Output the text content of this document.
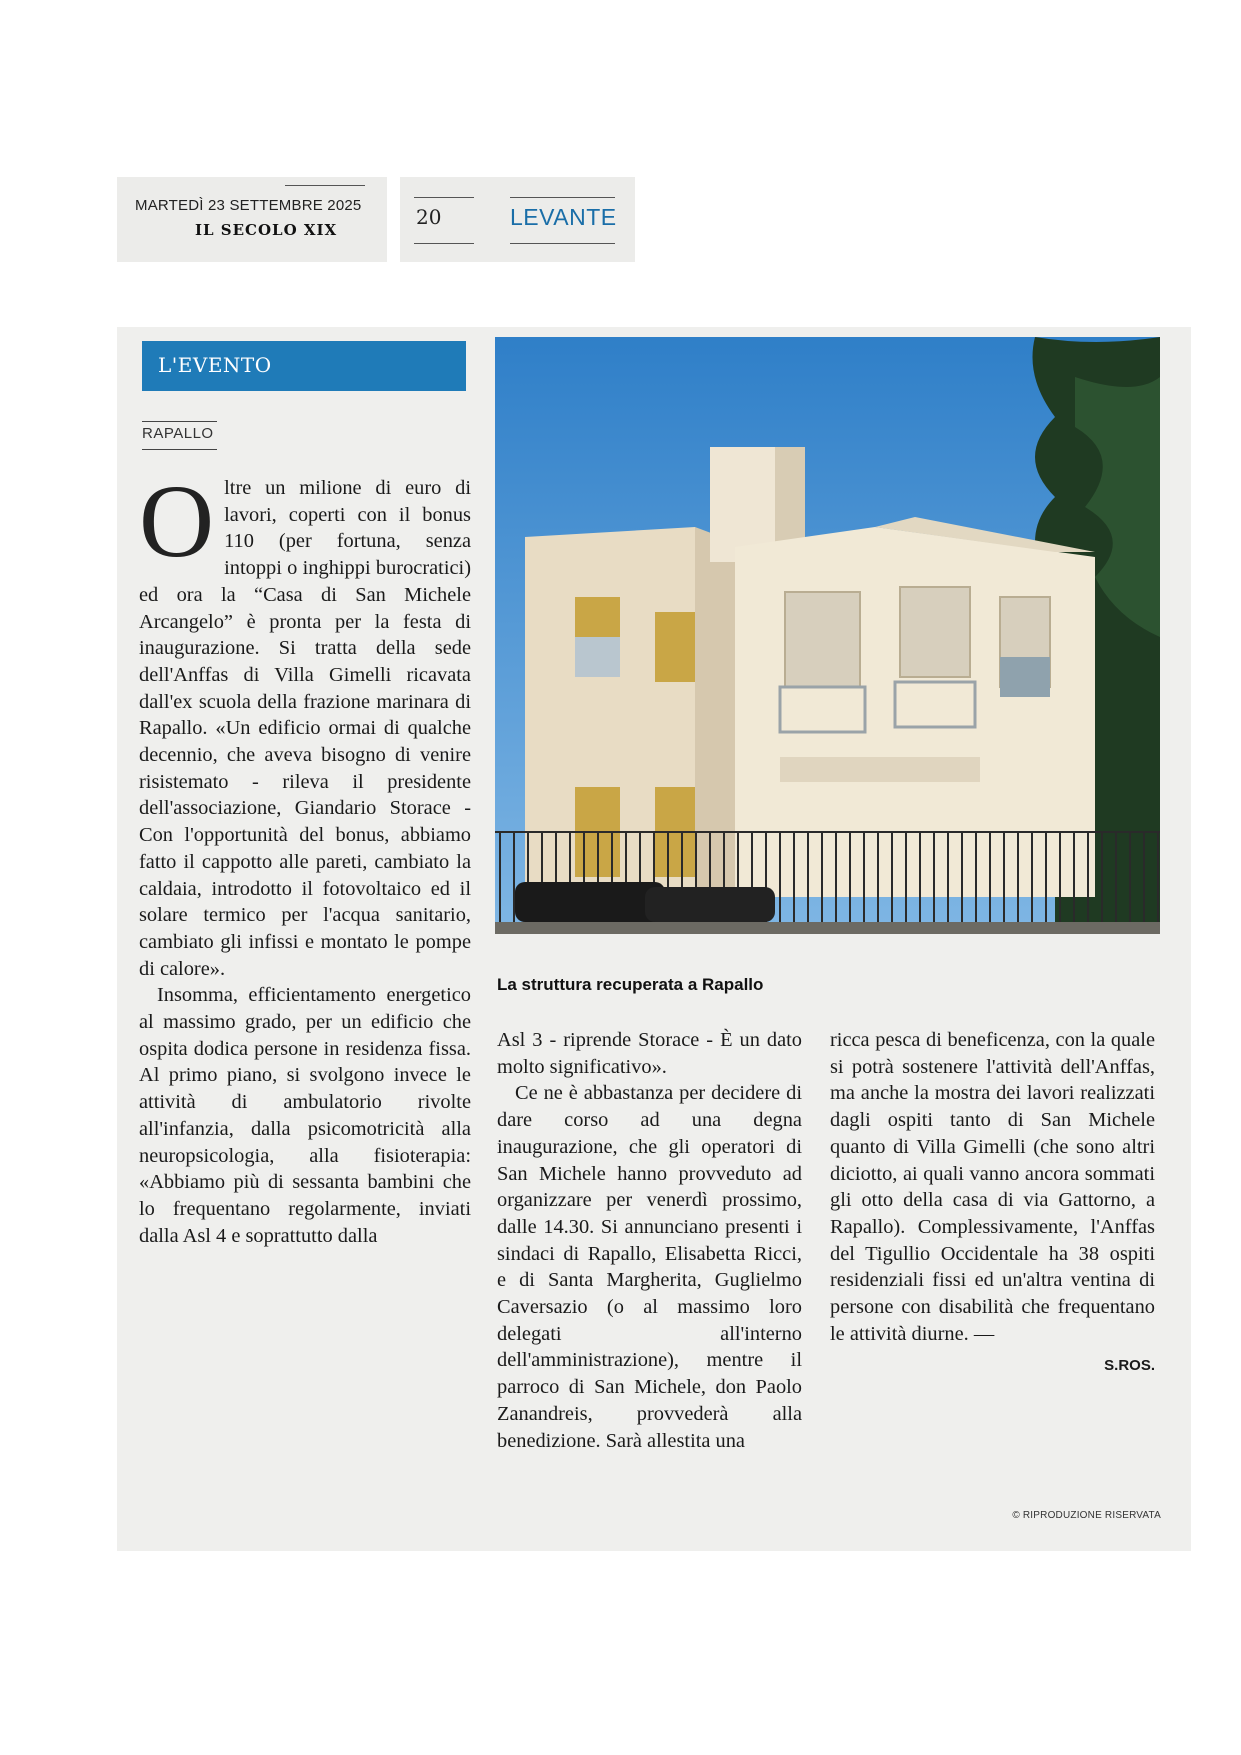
MARTEDÌ 23 SETTEMBRE 2025
IL SECOLO XIX
20	LEVANTE
L'EVENTO
RAPALLO

Oltre un milione di euro di lavori, coperti con il bonus 110 (per fortuna, senza intoppi o inghippi burocratici) ed ora la “Casa di San Michele Arcangelo” è pronta per la festa di inaugurazione. Si tratta della sede dell'Anffas di Villa Gimelli ricavata dall'ex scuola della frazione marinara di Rapallo. «Un edificio ormai di qualche decennio, che aveva bisogno di venire risistemato - rileva il presidente dell'associazione, Giandario Storace - Con l'opportunità del bonus, abbiamo fatto il cappotto alle pareti, cambiato la caldaia, introdotto il fotovoltaico ed il solare termico per l'acqua sanitario, cambiato gli infissi e montato le pompe di calore».

Insomma, efficientamento energetico al massimo grado, per un edificio che ospita dodica persone in residenza fissa. Al primo piano, si svolgono invece le attività di ambulatorio rivolte all'infanzia, dalla psicomotricità alla neuropsicologia, alla fisioterapia: «Abbiamo più di sessanta bambini che lo frequentano regolarmente, inviati dalla Asl 4 e soprattutto dalla

La struttura recuperata a Rapallo

Asl 3 - riprende Storace - È un dato molto significativo».

Ce ne è abbastanza per decidere di dare corso ad una degna inaugurazione, che gli operatori di San Michele hanno provveduto ad organizzare per venerdì prossimo, dalle 14.30. Si annunciano presenti i sindaci di Rapallo, Elisabetta Ricci, e di Santa Margherita, Guglielmo Caversazio (o al massimo loro delegati all'interno dell'amministrazione), mentre il parroco di San Michele, don Paolo Zanandreis, provvederà alla benedizione. Sarà allestita una

ricca pesca di beneficenza, con la quale si potrà sostenere l'attività dell'Anffas, ma anche la mostra dei lavori realizzati dagli ospiti tanto di San Michele quanto di Villa Gimelli (che sono altri diciotto, ai quali vanno ancora sommati gli otto della casa di via Gattorno, a Rapallo). Complessivamente, l'Anffas del Tigullio Occidentale ha 38 ospiti residenziali fissi ed un'altra ventina di persone con disabilità che frequentano le attività diurne. —

S.ROS.
© RIPRODUZIONE RISERVATA
